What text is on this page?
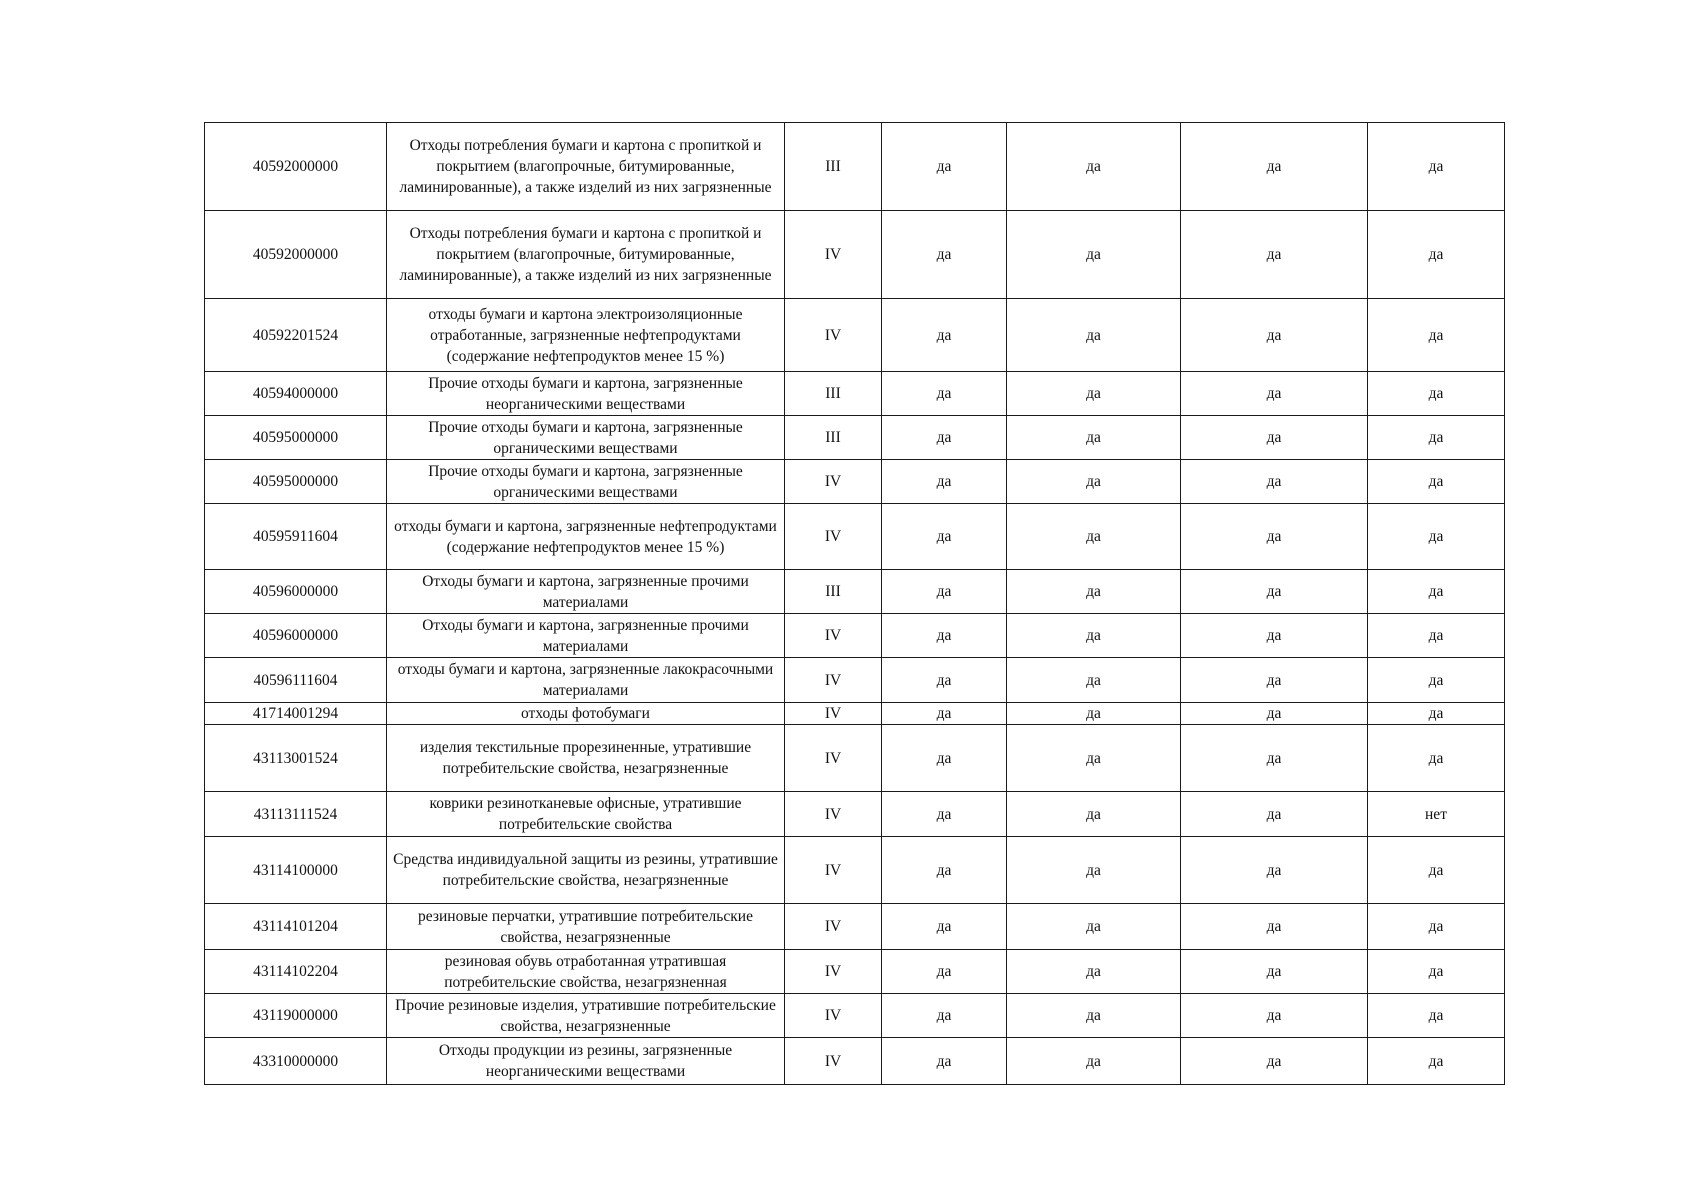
40592000000	Отходы потребления бумаги и картона с пропиткой и покрытием (влагопрочные, битумированные, ламинированные), а также изделий из них загрязненные	III	да	да	да	да
40592000000	Отходы потребления бумаги и картона с пропиткой и покрытием (влагопрочные, битумированные, ламинированные), а также изделий из них загрязненные	IV	да	да	да	да
40592201524	отходы бумаги и картона электроизоляционные отработанные, загрязненные нефтепродуктами (содержание нефтепродуктов менее 15 %)	IV	да	да	да	да
40594000000	Прочие отходы бумаги и картона, загрязненные неорганическими веществами	III	да	да	да	да
40595000000	Прочие отходы бумаги и картона, загрязненные органическими веществами	III	да	да	да	да
40595000000	Прочие отходы бумаги и картона, загрязненные органическими веществами	IV	да	да	да	да
40595911604	отходы бумаги и картона, загрязненные нефтепродуктами (содержание нефтепродуктов менее 15 %)	IV	да	да	да	да
40596000000	Отходы бумаги и картона, загрязненные прочими материалами	III	да	да	да	да
40596000000	Отходы бумаги и картона, загрязненные прочими материалами	IV	да	да	да	да
40596111604	отходы бумаги и картона, загрязненные лакокрасочными материалами	IV	да	да	да	да
41714001294	отходы фотобумаги	IV	да	да	да	да
43113001524	изделия текстильные прорезиненные, утратившие потребительские свойства, незагрязненные	IV	да	да	да	да
43113111524	коврики резинотканевые офисные, утратившие потребительские свойства	IV	да	да	да	нет
43114100000	Средства индивидуальной защиты из резины, утратившие потребительские свойства, незагрязненные	IV	да	да	да	да
43114101204	резиновые перчатки, утратившие потребительские свойства, незагрязненные	IV	да	да	да	да
43114102204	резиновая обувь отработанная утратившая потребительские свойства, незагрязненная	IV	да	да	да	да
43119000000	Прочие резиновые изделия, утратившие потребительские свойства, незагрязненные	IV	да	да	да	да
43310000000	Отходы продукции из резины, загрязненные неорганическими веществами	IV	да	да	да	да
